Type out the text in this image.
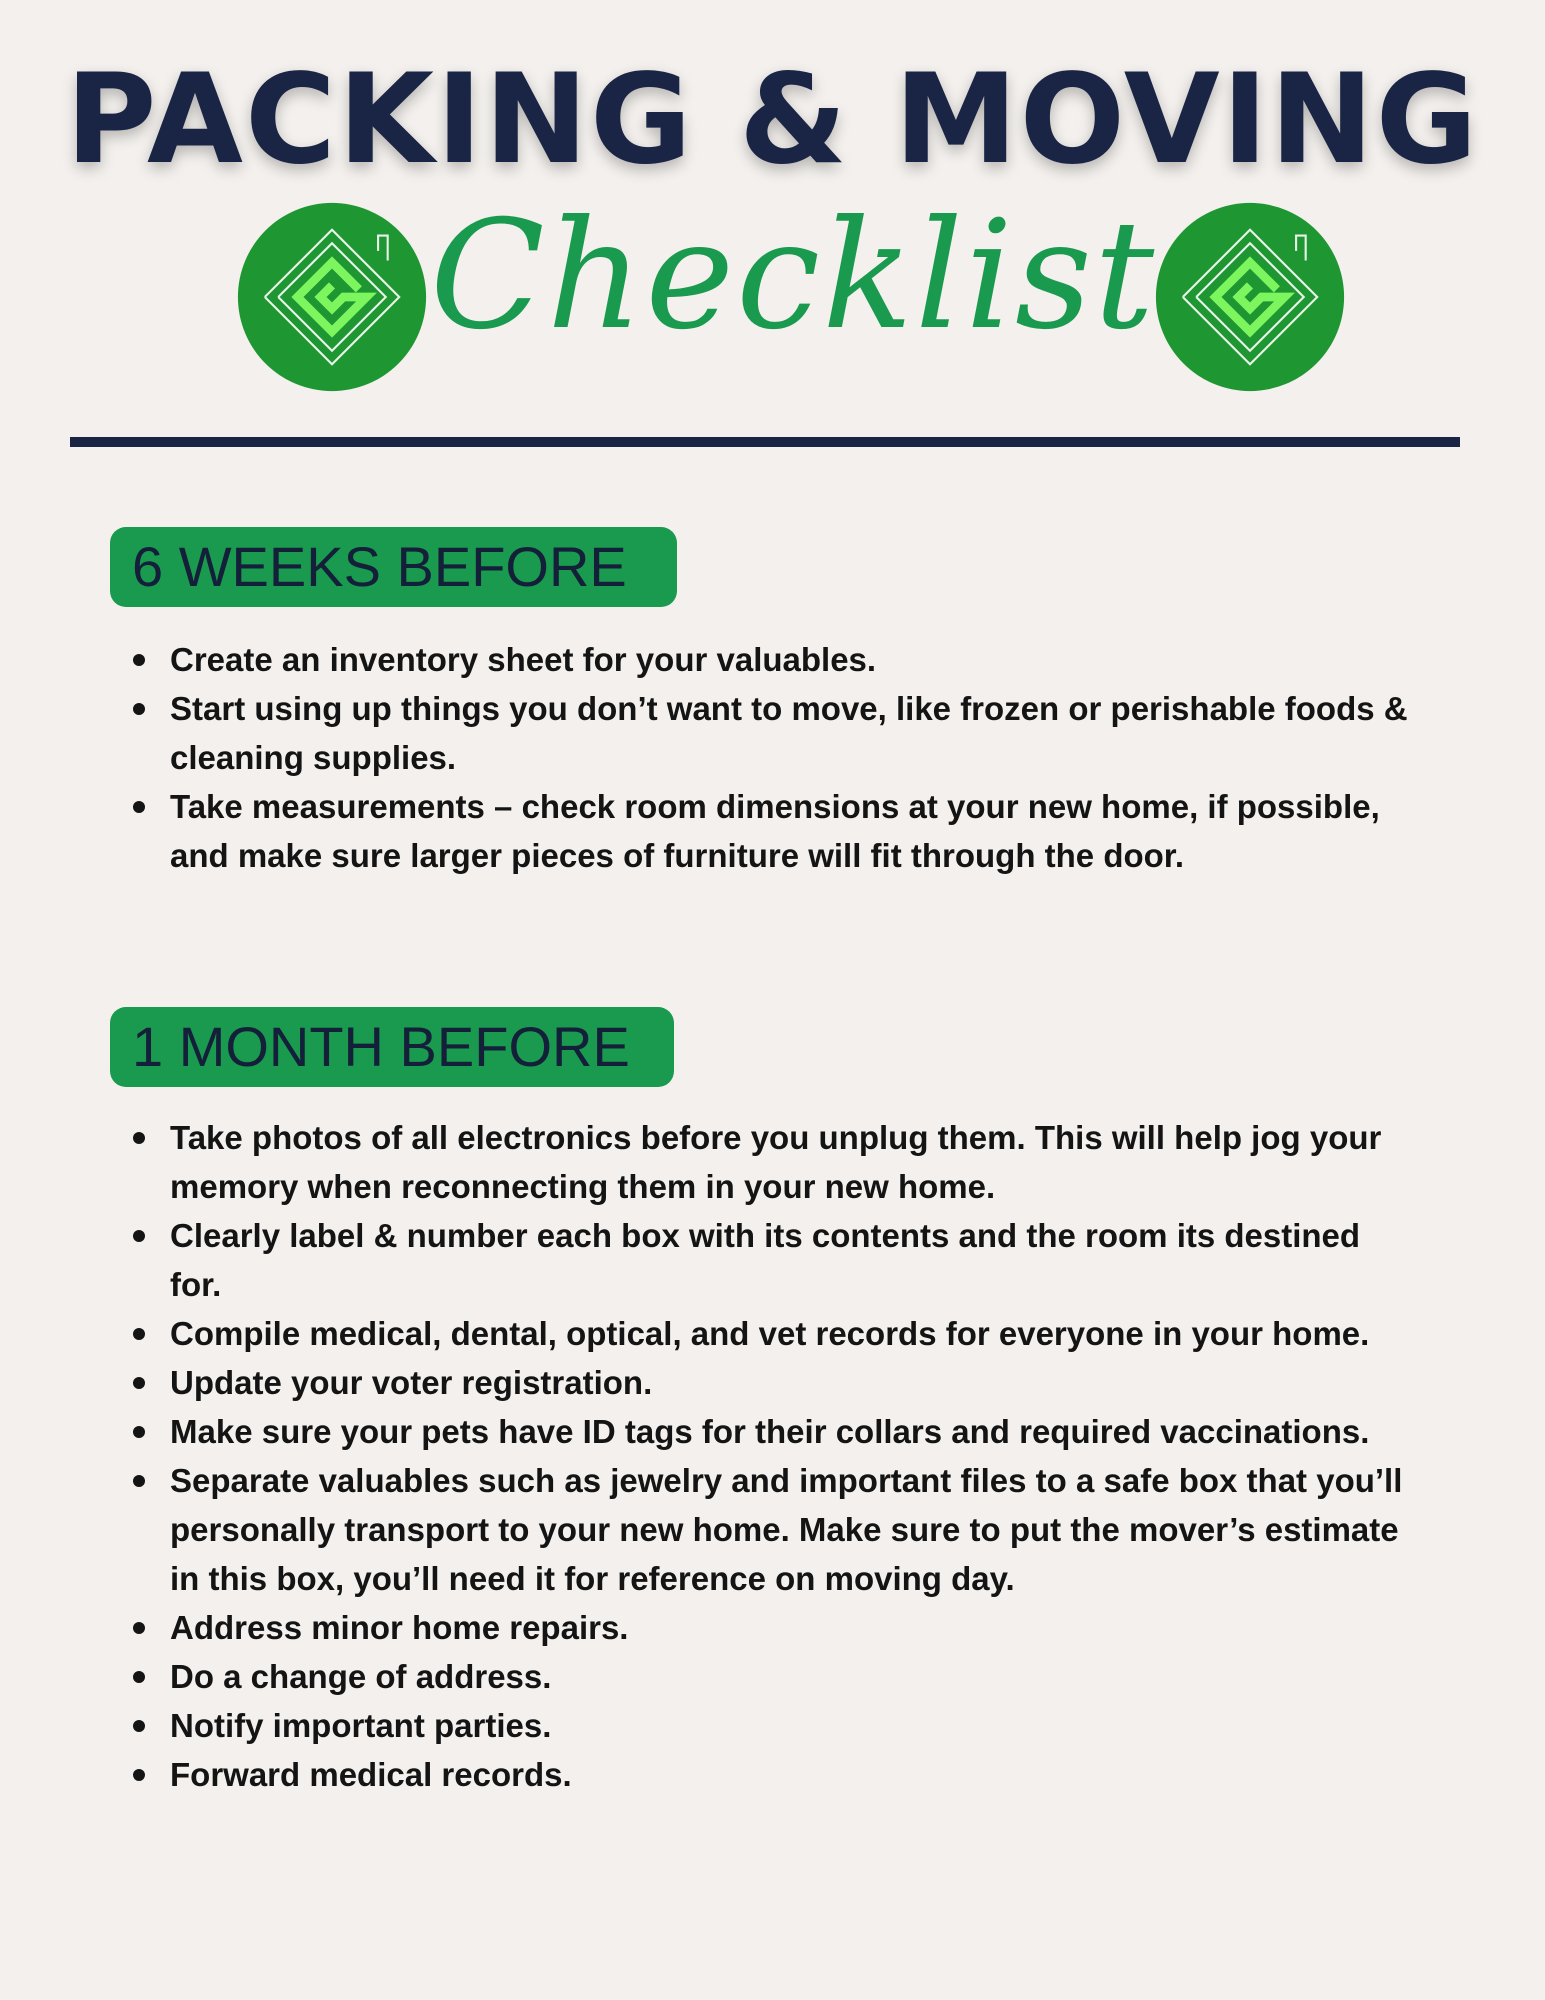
PACKING & MOVING
Checklist
6 WEEKS BEFORE
Create an inventory sheet for your valuables.
Start using up things you don’t want to move, like frozen or perishable foods & cleaning supplies.
Take measurements – check room dimensions at your new home, if possible, and make sure larger pieces of furniture will fit through the door.
1 MONTH BEFORE
Take photos of all electronics before you unplug them. This will help jog your memory when reconnecting them in your new home.
Clearly label & number each box with its contents and the room its destined for.
Compile medical, dental, optical, and vet records for everyone in your home.
Update your voter registration.
Make sure your pets have ID tags for their collars and required vaccinations.
Separate valuables such as jewelry and important files to a safe box that you’ll personally transport to your new home. Make sure to put the mover’s estimate in this box, you’ll need it for reference on moving day.
Address minor home repairs.
Do a change of address.
Notify important parties.
Forward medical records.
